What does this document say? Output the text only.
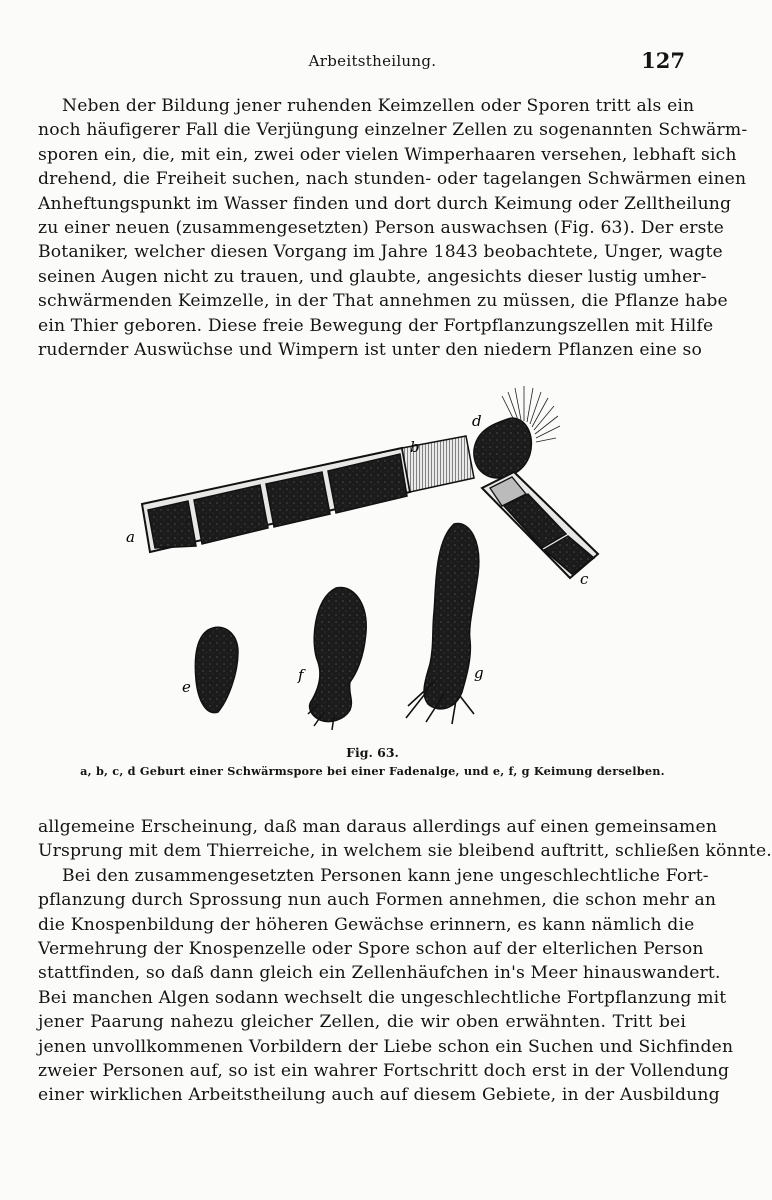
Arbeitstheilung.	127
Neben der Bildung jener ruhenden Keimzellen oder Sporen tritt als ein
noch häufigerer Fall die Verjüngung einzelner Zellen zu sogenannten Schwärm-
sporen ein, die, mit ein, zwei oder vielen Wimperhaaren versehen, lebhaft sich
drehend, die Freiheit suchen, nach stunden- oder tagelangen Schwärmen einen
Anheftungspunkt im Wasser finden und dort durch Keimung oder Zelltheilung
zu einer neuen (zusammengesetzten) Person auswachsen (Fig. 63). Der erste
Botaniker, welcher diesen Vorgang im Jahre 1843 beobachtete, Unger, wagte
seinen Augen nicht zu trauen, und glaubte, angesichts dieser lustig umher-
schwärmenden Keimzelle, in der That annehmen zu müssen, die Pflanze habe
ein Thier geboren. Diese freie Bewegung der Fortpflanzungszellen mit Hilfe
rudernder Auswüchse und Wimpern ist unter den niedern Pflanzen eine so
a
b
c
d
e
f	g
Fig. 63.
a, b, c, d Geburt einer Schwärmspore bei einer Fadenalge, und e, f, g Keimung derselben.
allgemeine Erscheinung, daß man daraus allerdings auf einen gemeinsamen
Ursprung mit dem Thierreiche, in welchem sie bleibend auftritt, schließen könnte.
Bei den zusammengesetzten Personen kann jene ungeschlechtliche Fort-
pflanzung durch Sprossung nun auch Formen annehmen, die schon mehr an
die Knospenbildung der höheren Gewächse erinnern, es kann nämlich die
Vermehrung der Knospenzelle oder Spore schon auf der elterlichen Person
stattfinden, so daß dann gleich ein Zellenhäufchen in's Meer hinauswandert.
Bei manchen Algen sodann wechselt die ungeschlechtliche Fortpflanzung mit
jener Paarung nahezu gleicher Zellen, die wir oben erwähnten. Tritt bei
jenen unvollkommenen Vorbildern der Liebe schon ein Suchen und Sichfinden
zweier Personen auf, so ist ein wahrer Fortschritt doch erst in der Vollendung
einer wirklichen Arbeitstheilung auch auf diesem Gebiete, in der Ausbildung
